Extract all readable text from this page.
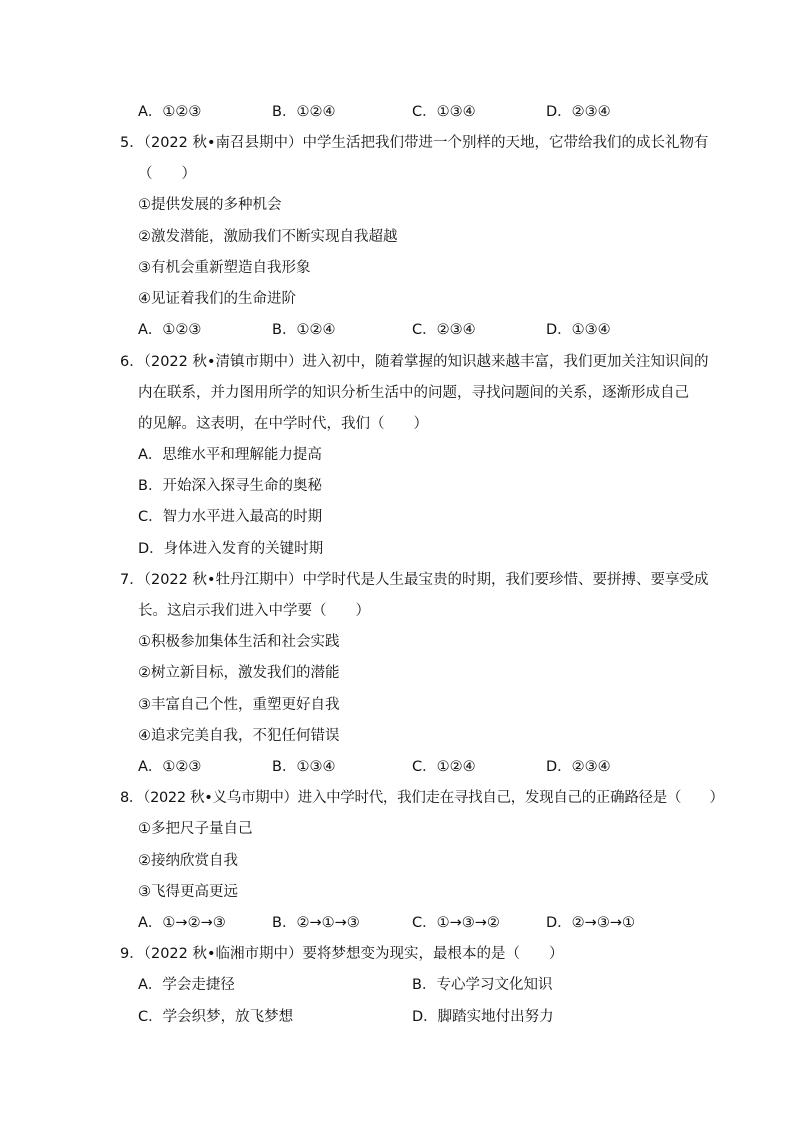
A．①②③	B．①②④	C．①③④	D．②③④
5．（2022 秋•南召县期中）中学生活把我们带进一个别样的天地，它带给我们的成长礼物有
（　　）
①提供发展的多种机会
②激发潜能，激励我们不断实现自我超越
③有机会重新塑造自我形象
④见证着我们的生命进阶
A．①②③	B．①②④	C．②③④	D．①③④
6．（2022 秋•清镇市期中）进入初中，随着掌握的知识越来越丰富，我们更加关注知识间的
内在联系，并力图用所学的知识分析生活中的问题，寻找问题间的关系，逐渐形成自己
的见解。这表明，在中学时代，我们（　　）
A．思维水平和理解能力提高
B．开始深入探寻生命的奥秘
C．智力水平进入最高的时期
D．身体进入发育的关键时期
7．（2022 秋•牡丹江期中）中学时代是人生最宝贵的时期，我们要珍惜、要拼搏、要享受成
长。这启示我们进入中学要（　　）
①积极参加集体生活和社会实践
②树立新目标，激发我们的潜能
③丰富自己个性，重塑更好自我
④追求完美自我，不犯任何错误
A．①②③	B．①③④	C．①②④	D．②③④
8．（2022 秋•义乌市期中）进入中学时代，我们走在寻找自己，发现自己的正确路径是（　　）
①多把尺子量自己
②接纳欣赏自我
③飞得更高更远
A．①→②→③	B．②→①→③	C．①→③→②	D．②→③→①
9．（2022 秋•临湘市期中）要将梦想变为现实，最根本的是（　　）
A．学会走捷径	B．专心学习文化知识
C．学会织梦，放飞梦想	D．脚踏实地付出努力
